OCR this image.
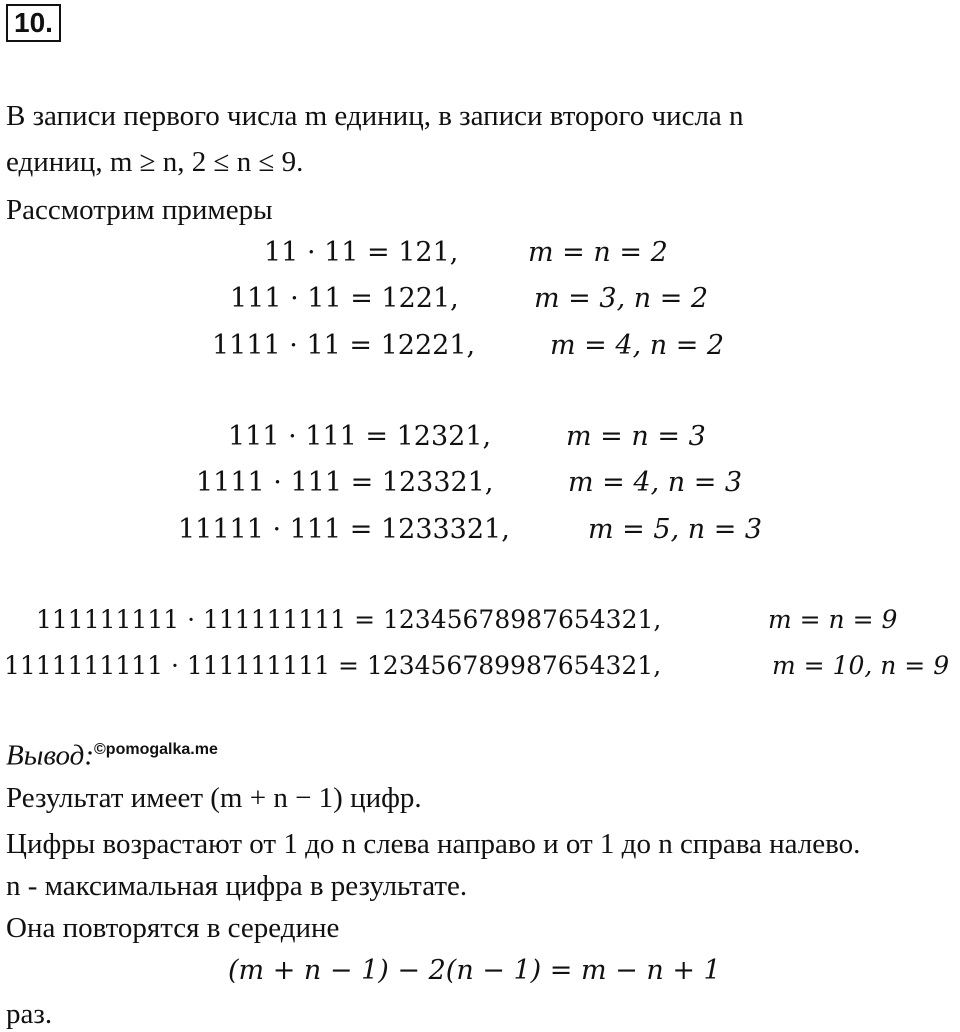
10.
В записи первого числа m единиц, в записи второго числа n
единиц, m ≥ n, 2 ≤ n ≤ 9.
Рассмотрим примеры
11 · 11 = 121,	m = n = 2
111 · 11 = 1221,	m = 3, n = 2
1111 · 11 = 12221,	m = 4, n = 2
111 · 111 = 12321,	m = n = 3
1111 · 111 = 123321,	m = 4, n = 3
11111 · 111 = 1233321,	m = 5, n = 3
111111111 · 111111111 = 12345678987654321,	m = n = 9
1111111111 · 111111111 = 123456789987654321,	m = 10, n = 9
Вывод:$^{©pomogalka.me}$
Результат имеет (m + n − 1) цифр.
Цифры возрастают от 1 до n слева направо и от 1 до n справа налево.
n - максимальная цифра в результате.
Она повторятся в середине
(m + n − 1) − 2(n − 1) = m − n + 1
раз.
